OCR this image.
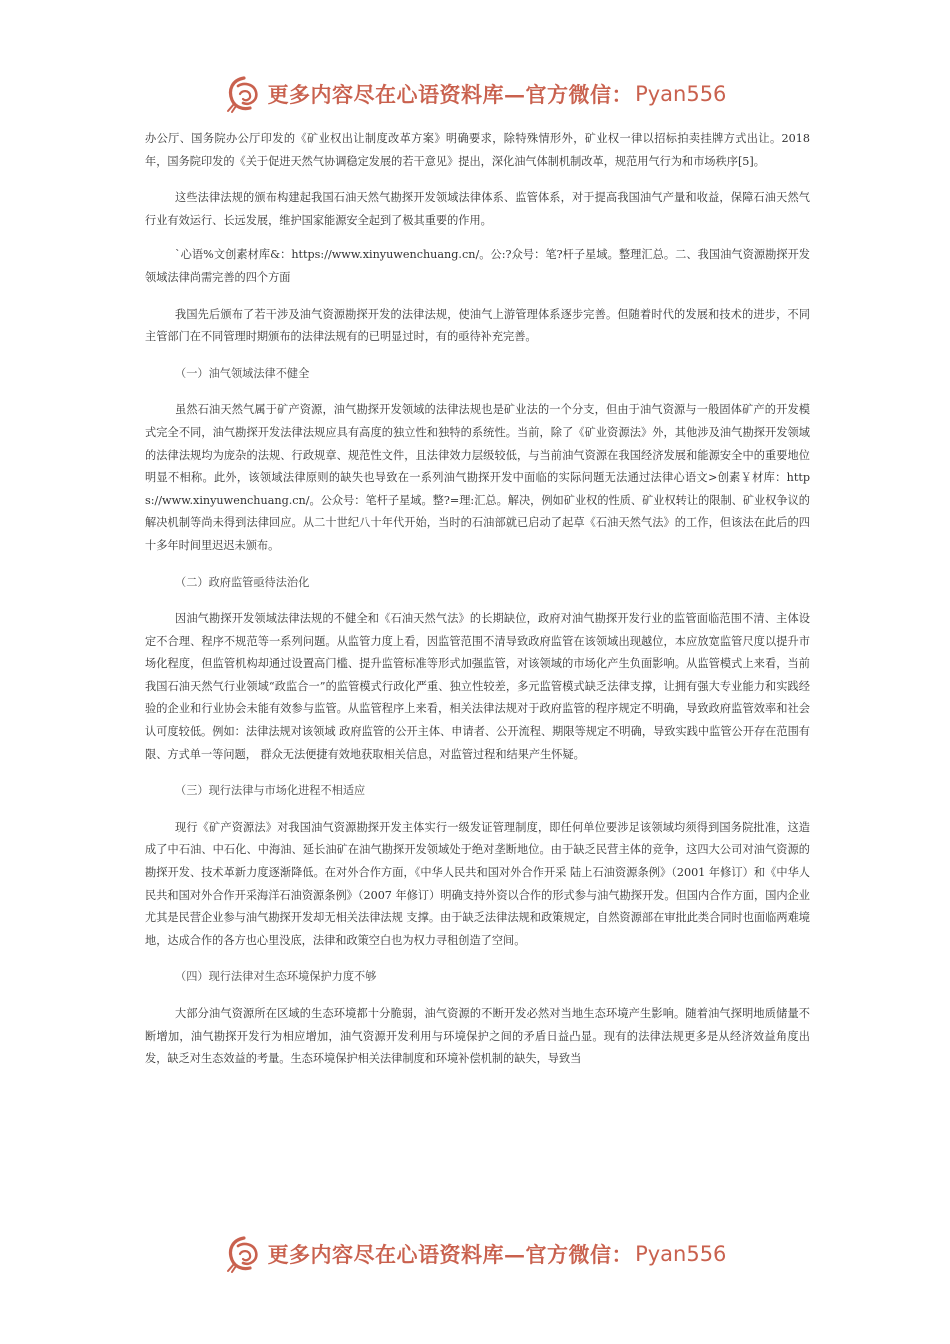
更多内容尽在心语资料库—官方微信： Pyan556

办公厅、国务院办公厅印发的《矿业权出让制度改革方案》明确要求，除特殊情形外，矿业权一律以招标拍卖挂牌方式出让。2018 年，国务院印发的《关于促进天然气协调稳定发展的若干意见》提出，深化油气体制机制改革，规范用气行为和市场秩序[5]。

这些法律法规的颁布构建起我国石油天然气勘探开发领域法律体系、监管体系，对于提高我国油气产量和收益，保障石油天然气行业有效运行、长远发展，维护国家能源安全起到了极其重要的作用。

`心语%文创素材库&：https://www.xinyuwenchuang.cn/。公:?众号：笔?杆子星域。整理汇总。二、我国油气资源勘探开发领域法律尚需完善的四个方面

我国先后颁布了若干涉及油气资源勘探开发的法律法规，使油气上游管理体系逐步完善。但随着时代的发展和技术的进步，不同主管部门在不同管理时期颁布的法律法规有的已明显过时，有的亟待补充完善。

（一）油气领域法律不健全

虽然石油天然气属于矿产资源，油气勘探开发领域的法律法规也是矿业法的一个分支，但由于油气资源与一般固体矿产的开发模式完全不同，油气勘探开发法律法规应具有高度的独立性和独特的系统性。当前，除了《矿业资源法》外，其他涉及油气勘探开发领域的法律法规均为庞杂的法规、行政规章、规范性文件，且法律效力层级较低，与当前油气资源在我国经济发展和能源安全中的重要地位明显不相称。此外，该领域法律原则的缺失也导致在一系列油气勘探开发中面临的实际问题无法通过法律心语文>创素￥材库：https://www.xinyuwenchuang.cn/。公众号：笔杆子星域。整?=理:汇总。解决，例如矿业权的性质、矿业权转让的限制、矿业权争议的解决机制等尚未得到法律回应。从二十世纪八十年代开始，当时的石油部就已启动了起草《石油天然气法》的工作，但该法在此后的四十多年时间里迟迟未颁布。

（二）政府监管亟待法治化

因油气勘探开发领域法律法规的不健全和《石油天然气法》的长期缺位，政府对油气勘探开发行业的监管面临范围不清、主体设定不合理、程序不规范等一系列问题。从监管力度上看，因监管范围不清导致政府监管在该领域出现越位，本应放宽监管尺度以提升市场化程度，但监管机构却通过设置高门槛、提升监管标准等形式加强监管，对该领域的市场化产生负面影响。从监管模式上来看，当前我国石油天然气行业领域“政监合一”的监管模式行政化严重、独立性较差，多元监管模式缺乏法律支撑，让拥有强大专业能力和实践经验的企业和行业协会未能有效参与监管。从监管程序上来看，相关法律法规对于政府监管的程序规定不明确，导致政府监管效率和社会认可度较低。例如：法律法规对该领域 政府监管的公开主体、申请者、公开流程、期限等规定不明确，导致实践中监管公开存在范围有限、方式单一等问题， 群众无法便捷有效地获取相关信息，对监管过程和结果产生怀疑。

（三）现行法律与市场化进程不相适应

现行《矿产资源法》对我国油气资源勘探开发主体实行一级发证管理制度，即任何单位要涉足该领域均须得到国务院批准，这造成了中石油、中石化、中海油、延长油矿在油气勘探开发领域处于绝对垄断地位。由于缺乏民营主体的竞争，这四大公司对油气资源的勘探开发、技术革新力度逐渐降低。在对外合作方面，《中华人民共和国对外合作开采 陆上石油资源条例》（2001 年修订）和《中华人民共和国对外合作开采海洋石油资源条例》（2007 年修订）明确支持外资以合作的形式参与油气勘探开发。但国内合作方面，国内企业尤其是民营企业参与油气勘探开发却无相关法律法规 支撑。由于缺乏法律法规和政策规定，自然资源部在审批此类合同时也面临两难境地，达成合作的各方也心里没底，法律和政策空白也为权力寻租创造了空间。

（四）现行法律对生态环境保护力度不够

大部分油气资源所在区域的生态环境都十分脆弱，油气资源的不断开发必然对当地生态环境产生影响。随着油气探明地质储量不断增加，油气勘探开发行为相应增加，油气资源开发利用与环境保护之间的矛盾日益凸显。现有的法律法规更多是从经济效益角度出发，缺乏对生态效益的考量。生态环境保护相关法律制度和环境补偿机制的缺失，导致当

更多内容尽在心语资料库—官方微信： Pyan556
